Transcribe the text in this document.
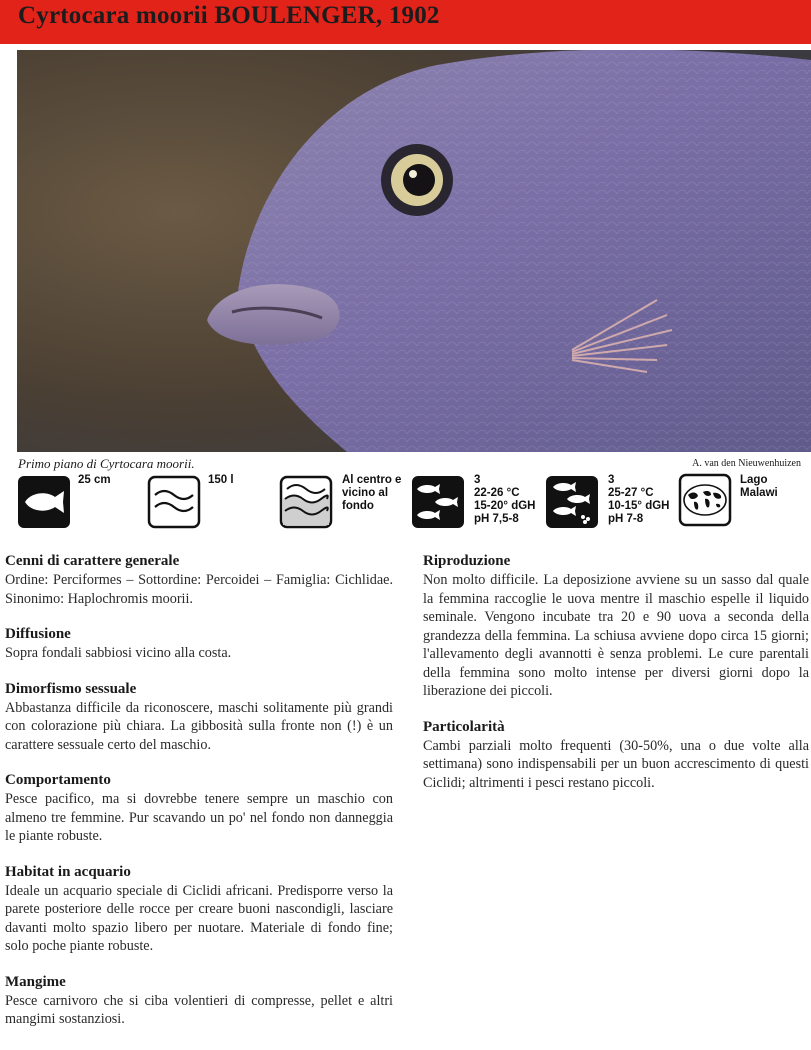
Cyrtocara moorii BOULENGER, 1902
Primo piano di Cyrtocara moorii.	A. van den Nieuwenhuizen
25 cm	150 l	Al centro e
vicino al
fondo
3
22-26 °C
15-20° dGH
pH 7,5-8
3
25-27 °C
10-15° dGH
pH 7-8
Lago
Malawi
Cenni di carattere generale

Ordine: Perciformes – Sottordine: Percoidei – Famiglia: Cichlidae. Sinonimo: Haplochromis moorii.

Diffusione

Sopra fondali sabbiosi vicino alla costa.

Dimorfismo sessuale

Abbastanza difficile da riconoscere, maschi solitamente più grandi con colorazione più chiara. La gibbosità sulla fronte non (!) è un carattere sessuale certo del maschio.

Comportamento

Pesce pacifico, ma si dovrebbe tenere sempre un maschio con almeno tre femmine. Pur scavando un po' nel fondo non danneggia le piante robuste.

Habitat in acquario

Ideale un acquario speciale di Ciclidi africani. Predisporre verso la parete posteriore delle rocce per creare buoni nascondigli, lasciare davanti molto spazio libero per nuotare. Materiale di fondo fine; solo poche piante robuste.

Mangime

Pesce carnivoro che si ciba volentieri di compresse, pellet e altri mangimi sostanziosi.

Riproduzione

Non molto difficile. La deposizione avviene su un sasso dal quale la femmina raccoglie le uova mentre il maschio espelle il liquido seminale. Vengono incubate tra 20 e 90 uova a seconda della grandezza della femmina. La schiusa avviene dopo circa 15 giorni; l'allevamento degli avannotti è senza problemi. Le cure parentali della femmina sono molto intense per diversi giorni dopo la liberazione dei piccoli.

Particolarità

Cambi parziali molto frequenti (30-50%, una o due volte alla settimana) sono indispensabili per un buon accrescimento di questi Ciclidi; altrimenti i pesci restano piccoli.
